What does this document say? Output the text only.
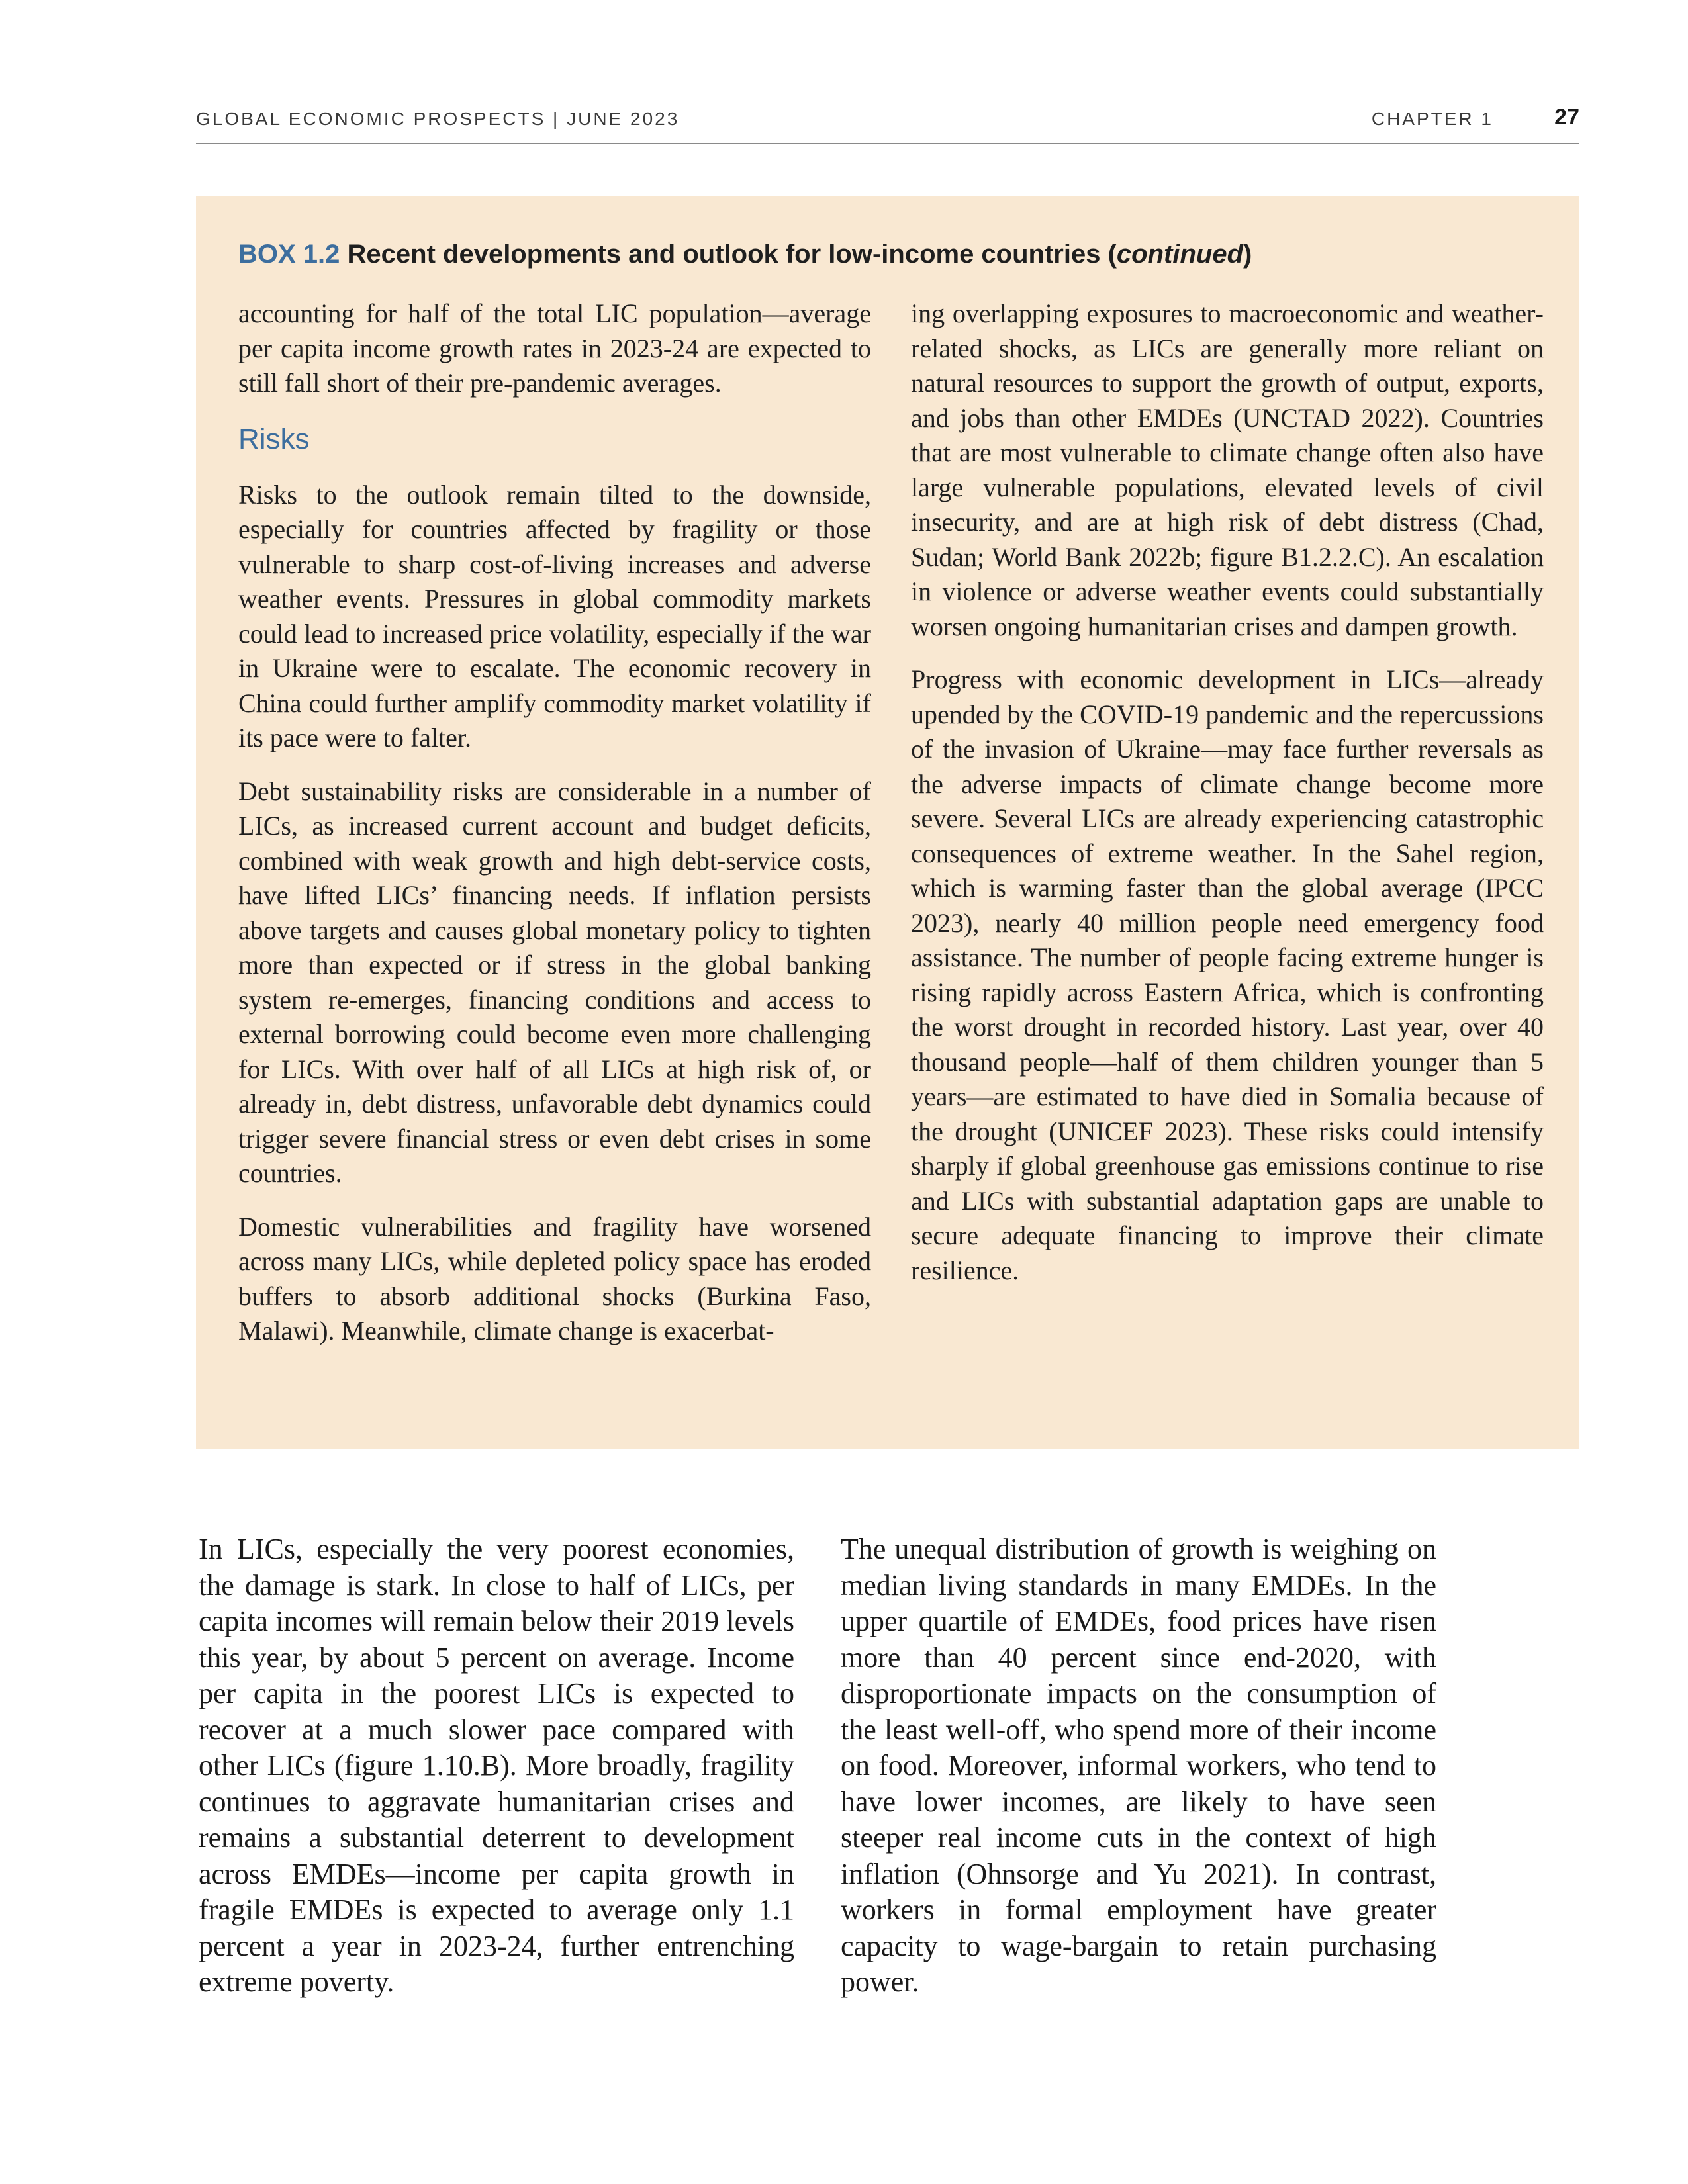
GLOBAL ECONOMIC PROSPECTS | JUNE 2023	CHAPTER 1	27
BOX 1.2 Recent developments and outlook for low-income countries (continued)

accounting for half of the total LIC population—average per capita income growth rates in 2023-24 are expected to still fall short of their pre-pandemic averages.

Risks

Risks to the outlook remain tilted to the downside, especially for countries affected by fragility or those vulnerable to sharp cost-of-living increases and adverse weather events. Pressures in global commodity markets could lead to increased price volatility, especially if the war in Ukraine were to escalate. The economic recovery in China could further amplify commodity market volatility if its pace were to falter.

Debt sustainability risks are considerable in a number of LICs, as increased current account and budget deficits, combined with weak growth and high debt-service costs, have lifted LICs’ financing needs. If inflation persists above targets and causes global monetary policy to tighten more than expected or if stress in the global banking system re-emerges, financing conditions and access to external borrowing could become even more challenging for LICs. With over half of all LICs at high risk of, or already in, debt distress, unfavorable debt dynamics could trigger severe financial stress or even debt crises in some countries.

Domestic vulnerabilities and fragility have worsened across many LICs, while depleted policy space has eroded buffers to absorb additional shocks (Burkina Faso, Malawi). Meanwhile, climate change is exacerbat-

ing overlapping exposures to macroeconomic and weather-related shocks, as LICs are generally more reliant on natural resources to support the growth of output, exports, and jobs than other EMDEs (UNCTAD 2022). Countries that are most vulnerable to climate change often also have large vulnerable populations, elevated levels of civil insecurity, and are at high risk of debt distress (Chad, Sudan; World Bank 2022b; figure B1.2.2.C). An escalation in violence or adverse weather events could substantially worsen ongoing humanitarian crises and dampen growth.

Progress with economic development in LICs—already upended by the COVID-19 pandemic and the repercussions of the invasion of Ukraine—may face further reversals as the adverse impacts of climate change become more severe. Several LICs are already experiencing catastrophic consequences of extreme weather. In the Sahel region, which is warming faster than the global average (IPCC 2023), nearly 40 million people need emergency food assistance. The number of people facing extreme hunger is rising rapidly across Eastern Africa, which is confronting the worst drought in recorded history. Last year, over 40 thousand people—half of them children younger than 5 years—are estimated to have died in Somalia because of the drought (UNICEF 2023). These risks could intensify sharply if global greenhouse gas emissions continue to rise and LICs with substantial adaptation gaps are unable to secure adequate financing to improve their climate resilience.

In LICs, especially the very poorest economies, the damage is stark. In close to half of LICs, per capita incomes will remain below their 2019 levels this year, by about 5 percent on average. Income per capita in the poorest LICs is expected to recover at a much slower pace compared with other LICs (figure 1.10.B). More broadly, fragility continues to aggravate humanitarian crises and remains a substantial deterrent to development across EMDEs—income per capita growth in fragile EMDEs is expected to average only 1.1 percent a year in 2023-24, further entrenching extreme poverty.

The unequal distribution of growth is weighing on median living standards in many EMDEs. In the upper quartile of EMDEs, food prices have risen more than 40 percent since end-2020, with disproportionate impacts on the consumption of the least well-off, who spend more of their income on food. Moreover, informal workers, who tend to have lower incomes, are likely to have seen steeper real income cuts in the context of high inflation (Ohnsorge and Yu 2021). In contrast, workers in formal employment have greater capacity to wage-bargain to retain purchasing power.
